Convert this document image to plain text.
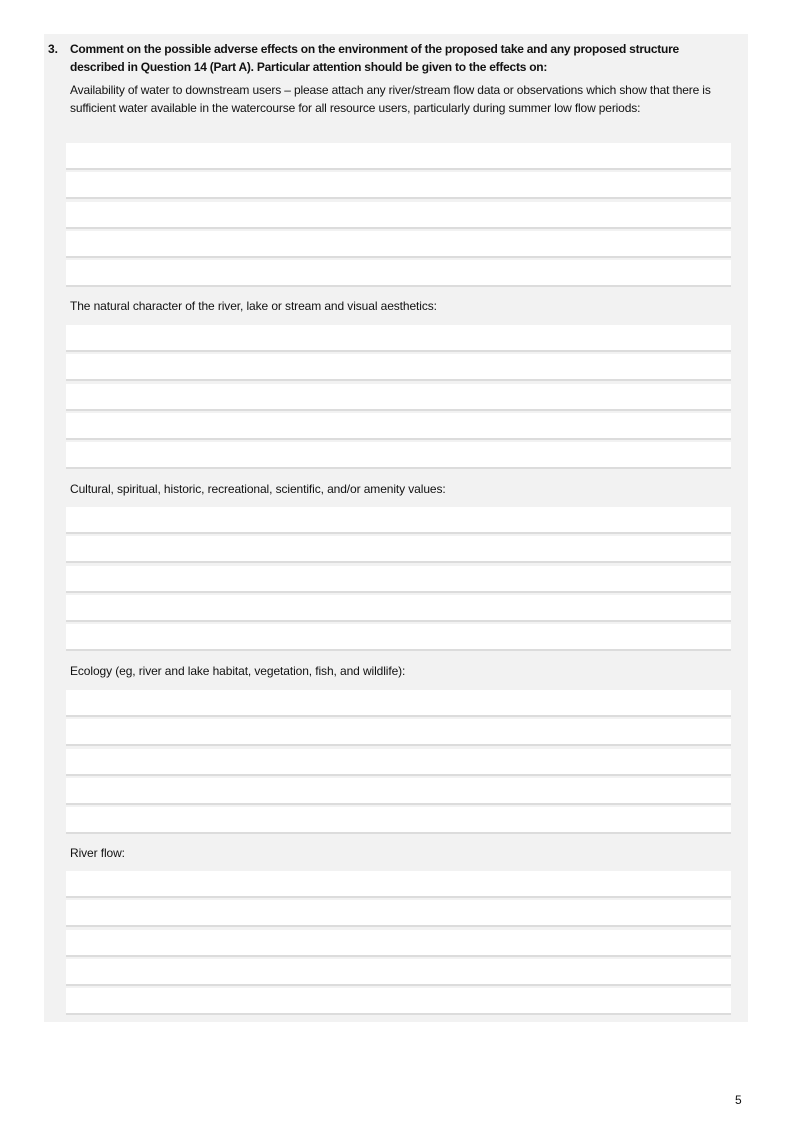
3. Comment on the possible adverse effects on the environment of the proposed take and any proposed structure described in Question 14 (Part A). Particular attention should be given to the effects on:
Availability of water to downstream users – please attach any river/stream flow data or observations which show that there is sufficient water available in the watercourse for all resource users, particularly during summer low flow periods:
The natural character of the river, lake or stream and visual aesthetics:
Cultural, spiritual, historic, recreational, scientific, and/or amenity values:
Ecology (eg, river and lake habitat, vegetation, fish, and wildlife):
River flow:
5
